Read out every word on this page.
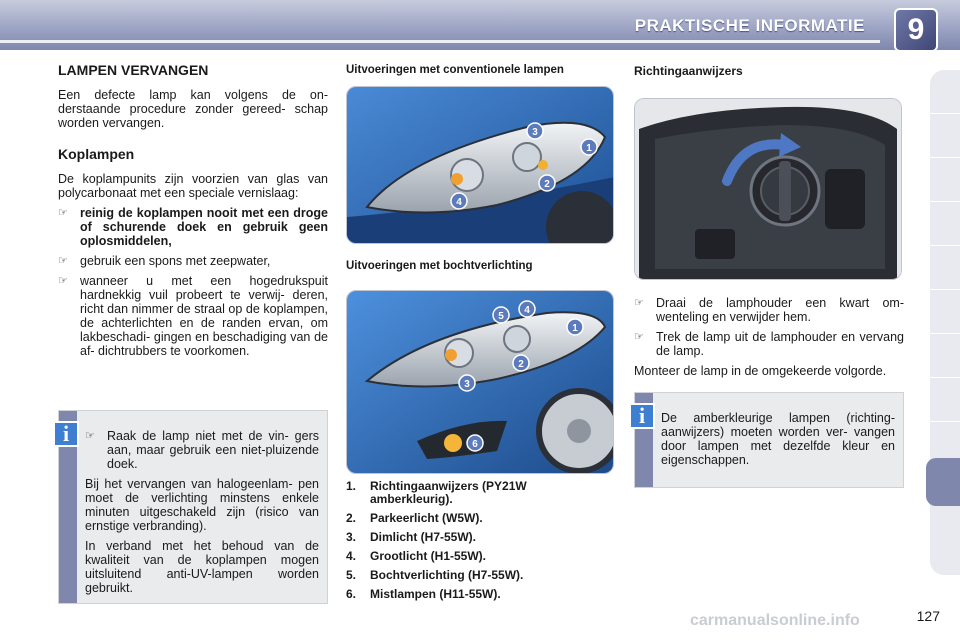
PRAKTISCHE INFORMATIE	9
LAMPEN VERVANGEN

Een defecte lamp kan volgens de on- derstaande procedure zonder gereed- schap worden vervangen.

Koplampen

De koplampunits zijn voorzien van glas van polycarbonaat met een speciale vernislaag:

☞ reinig de koplampen nooit met een droge of schurende doek en gebruik geen oplosmiddelen,
☞ gebruik een spons met zeepwater,
☞ wanneer u met een hogedrukspuit hardnekkig vuil probeert te verwij- deren, richt dan nimmer de straal op de koplampen, de achterlichten en de randen ervan, om lakbeschadi- gingen en beschadiging van de af- dichtrubbers te voorkomen.
i	☞ Raak de lamp niet met de vin- gers aan, maar gebruik een niet-pluizende doek.

Bij het vervangen van halogeenlam- pen moet de verlichting minstens enkele minuten uitgeschakeld zijn (risico van ernstige verbranding).

In verband met het behoud van de kwaliteit van de koplampen mogen uitsluitend anti-UV-lampen worden gebruikt.

Uitvoeringen met conventionele lampen
3
1
2
4
Uitvoeringen met bochtverlichting
5
4
1
2
3
6
1. Richtingaanwijzers (PY21W amberkleurig).
2. Parkeerlicht (W5W).
3. Dimlicht (H7-55W).
4. Grootlicht (H1-55W).
5. Bochtverlichting (H7-55W).
6. Mistlampen (H11-55W).
Richtingaanwijzers
☞ Draai de lamphouder een kwart om- wenteling en verwijder hem.
☞ Trek de lamp uit de lamphouder en vervang de lamp.

Monteer de lamp in de omgekeerde volgorde.

i	De amberkleurige lampen (richting- aanwijzers) moeten worden ver- vangen door lampen met dezelfde kleur en eigenschappen.

127
carmanualsonline.info
